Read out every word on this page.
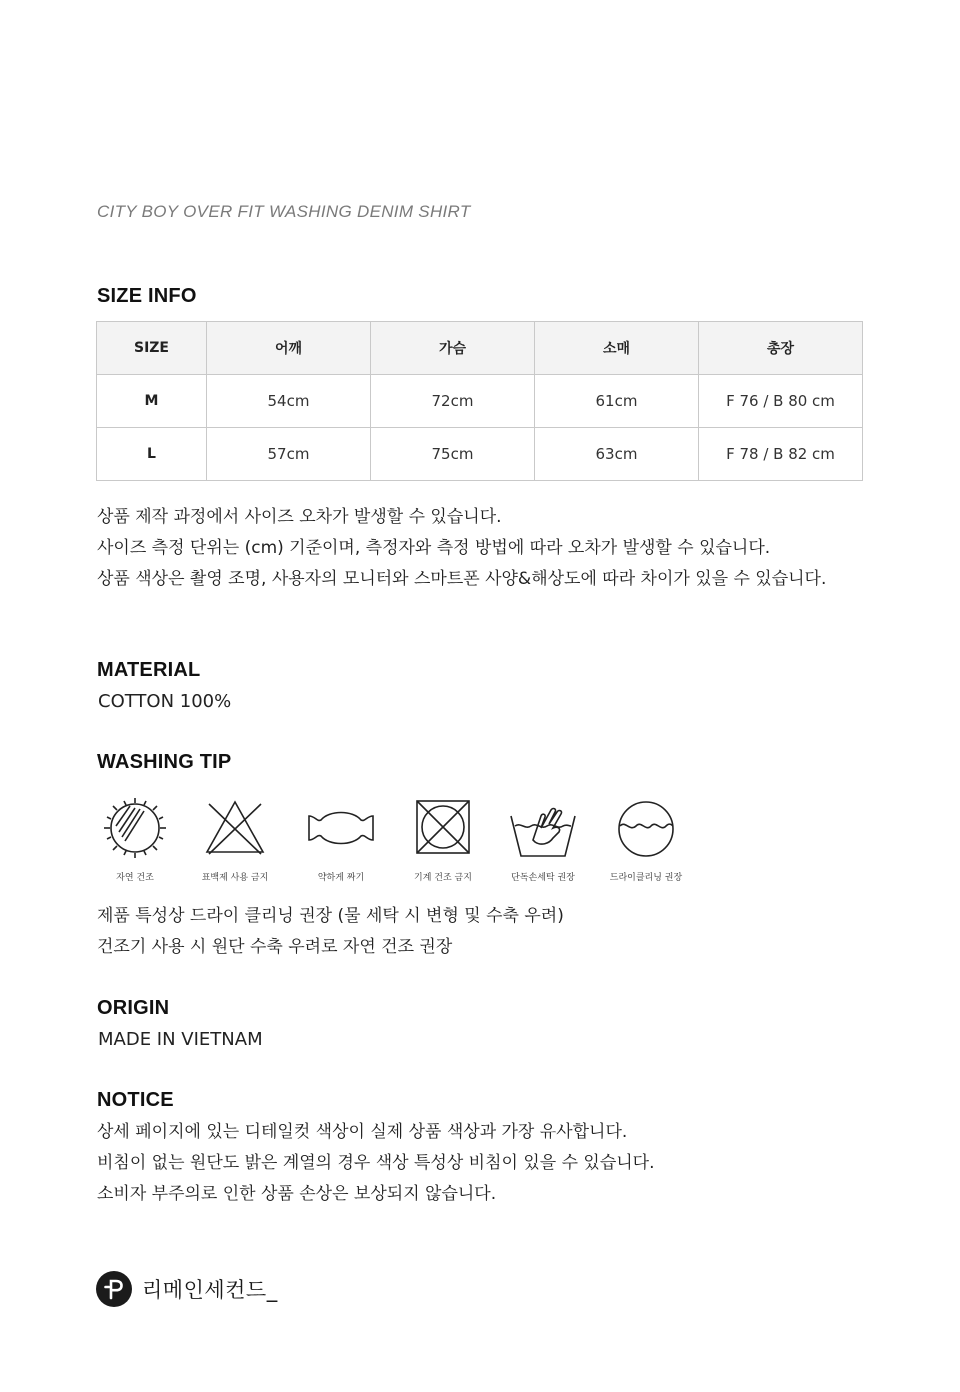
CITY BOY OVER FIT WASHING DENIM SHIRT
SIZE INFO
SIZE	어깨	가슴	소매	총장
M	54cm	72cm	61cm	F 76 / B 80 cm
L	57cm	75cm	63cm	F 78 / B 82 cm
상품 제작 과정에서 사이즈 오차가 발생할 수 있습니다.
사이즈 측정 단위는 (cm) 기준이며, 측정자와 측정 방법에 따라 오차가 발생할 수 있습니다.
상품 색상은 촬영 조명, 사용자의 모니터와 스마트폰 사양&해상도에 따라 차이가 있을 수 있습니다.
MATERIAL
COTTON 100%
WASHING TIP
자연 건조	표백제 사용 금지	약하게 짜기	기계 건조 금지	단독손세탁 권장	드라이클리닝 권장
제품 특성상 드라이 클리닝 권장 (물 세탁 시 변형 및 수축 우려)
건조기 사용 시 원단 수축 우려로 자연 건조 권장
ORIGIN
MADE IN VIETNAM
NOTICE
상세 페이지에 있는 디테일컷 색상이 실제 상품 색상과 가장 유사합니다.
비침이 없는 원단도 밝은 계열의 경우 색상 특성상 비침이 있을 수 있습니다.
소비자 부주의로 인한 상품 손상은 보상되지 않습니다.
리메인세컨드_
